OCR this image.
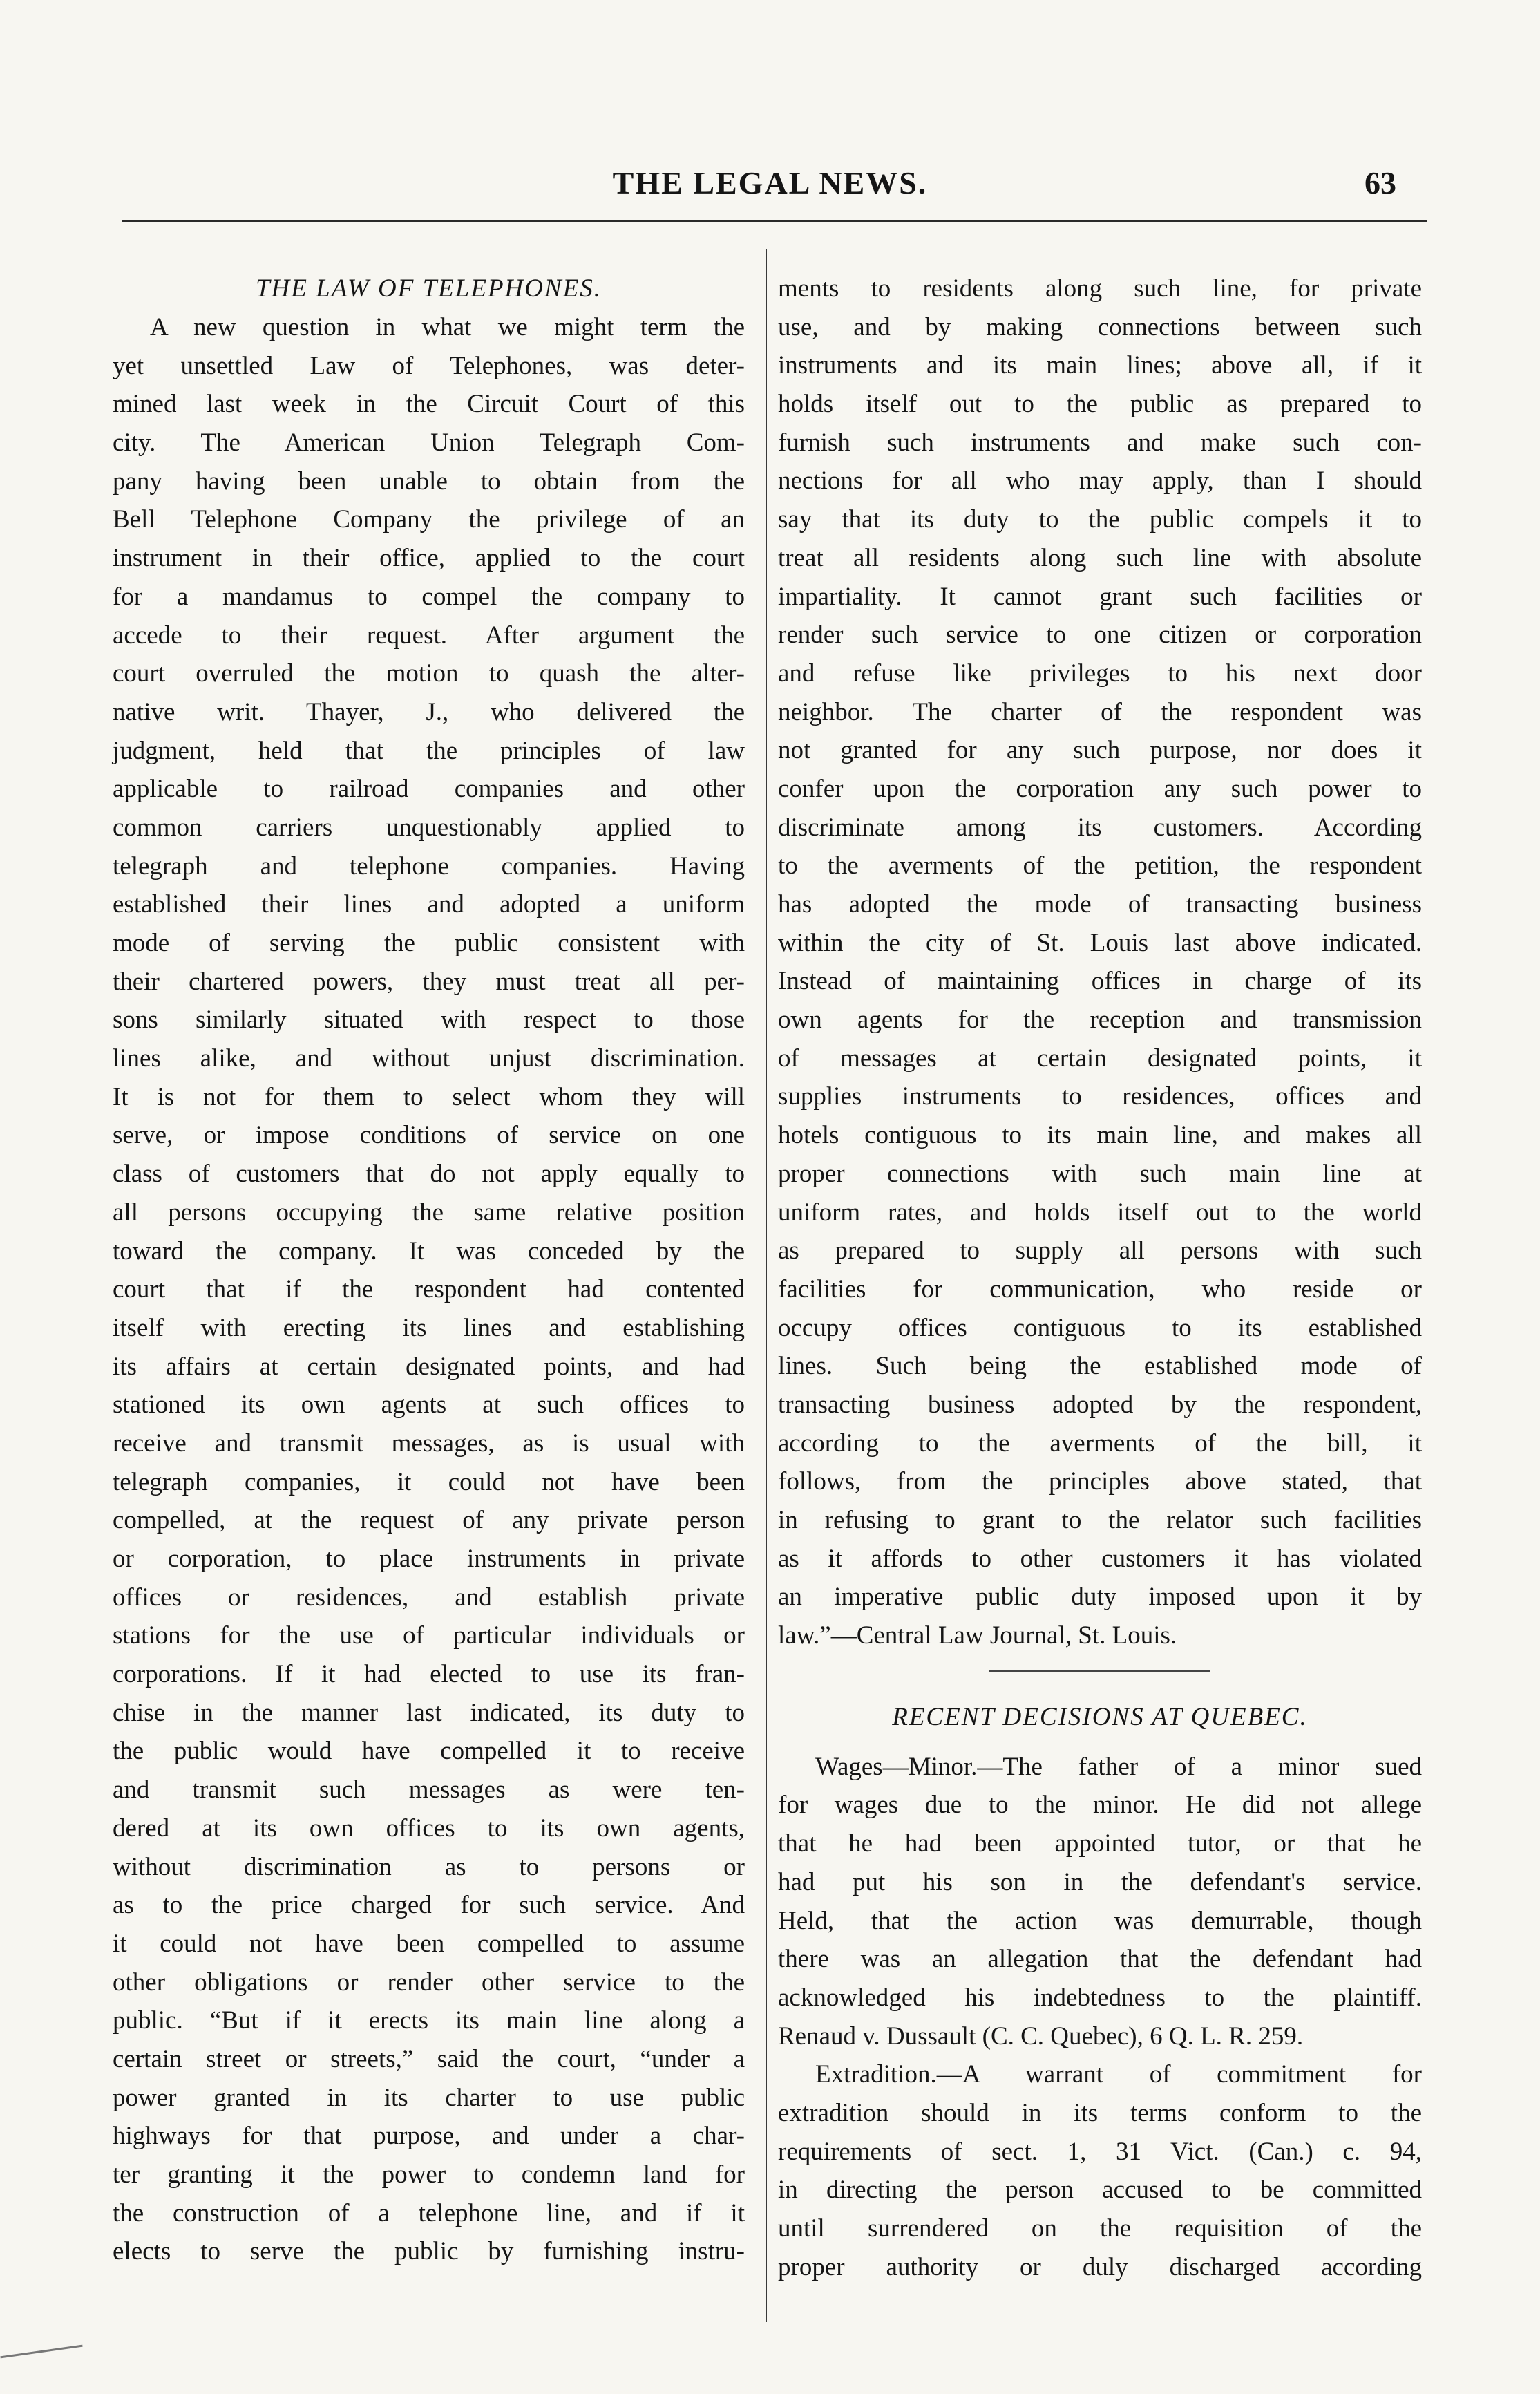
THE LEGAL NEWS.	63
THE LAW OF TELEPHONES.
A new question in what we might term the
yet unsettled Law of Telephones, was deter-
mined last week in the Circuit Court of this
city. The American Union Telegraph Com-
pany having been unable to obtain from the
Bell Telephone Company the privilege of an
instrument in their office, applied to the court
for a mandamus to compel the company to
accede to their request. After argument the
court overruled the motion to quash the alter-
native writ. Thayer, J., who delivered the
judgment, held that the principles of law
applicable to railroad companies and other
common carriers unquestionably applied to
telegraph and telephone companies. Having
established their lines and adopted a uniform
mode of serving the public consistent with
their chartered powers, they must treat all per-
sons similarly situated with respect to those
lines alike, and without unjust discrimination.
It is not for them to select whom they will
serve, or impose conditions of service on one
class of customers that do not apply equally to
all persons occupying the same relative position
toward the company. It was conceded by the
court that if the respondent had contented
itself with erecting its lines and establishing
its affairs at certain designated points, and had
stationed its own agents at such offices to
receive and transmit messages, as is usual with
telegraph companies, it could not have been
compelled, at the request of any private person
or corporation, to place instruments in private
offices or residences, and establish private
stations for the use of particular individuals or
corporations. If it had elected to use its fran-
chise in the manner last indicated, its duty to
the public would have compelled it to receive
and transmit such messages as were ten-
dered at its own offices to its own agents,
without discrimination as to persons or
as to the price charged for such service. And
it could not have been compelled to assume
other obligations or render other service to the
public. “But if it erects its main line along a
certain street or streets,” said the court, “under a
power granted in its charter to use public
highways for that purpose, and under a char-
ter granting it the power to condemn land for
the construction of a telephone line, and if it
elects to serve the public by furnishing instru-
ments to residents along such line, for private
use, and by making connections between such
instruments and its main lines; above all, if it
holds itself out to the public as prepared to
furnish such instruments and make such con-
nections for all who may apply, than I should
say that its duty to the public compels it to
treat all residents along such line with absolute
impartiality. It cannot grant such facilities or
render such service to one citizen or corporation
and refuse like privileges to his next door
neighbor. The charter of the respondent was
not granted for any such purpose, nor does it
confer upon the corporation any such power to
discriminate among its customers. According
to the averments of the petition, the respondent
has adopted the mode of transacting business
within the city of St. Louis last above indicated.
Instead of maintaining offices in charge of its
own agents for the reception and transmission
of messages at certain designated points, it
supplies instruments to residences, offices and
hotels contiguous to its main line, and makes all
proper connections with such main line at
uniform rates, and holds itself out to the world
as prepared to supply all persons with such
facilities for communication, who reside or
occupy offices contiguous to its established
lines. Such being the established mode of
transacting business adopted by the respondent,
according to the averments of the bill, it
follows, from the principles above stated, that
in refusing to grant to the relator such facilities
as it affords to other customers it has violated
an imperative public duty imposed upon it by
law.”—Central Law Journal, St. Louis.
RECENT DECISIONS AT QUEBEC.
Wages—Minor.—The father of a minor sued
for wages due to the minor. He did not allege
that he had been appointed tutor, or that he
had put his son in the defendant's service.
Held, that the action was demurrable, though
there was an allegation that the defendant had
acknowledged his indebtedness to the plaintiff.
Renaud v. Dussault (C. C. Quebec), 6 Q. L. R. 259.
Extradition.—A warrant of commitment for
extradition should in its terms conform to the
requirements of sect. 1, 31 Vict. (Can.) c. 94,
in directing the person accused to be committed
until surrendered on the requisition of the
proper authority or duly discharged according
